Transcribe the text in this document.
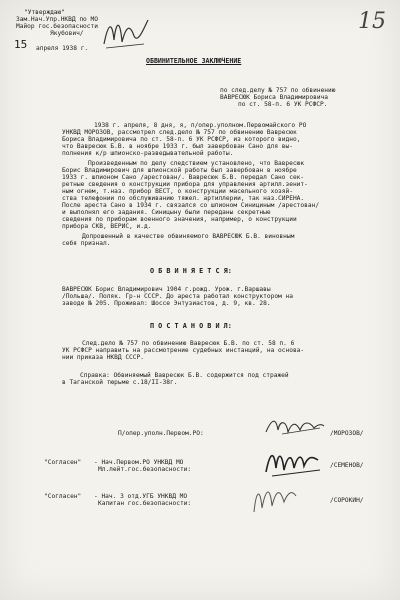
15
"Утверждаю"
Зам.Нач.Упр.НКВД по МО
Майор гос.безопасности
Якубович/
15 апреля 1938 г.
ОБВИНИТЕЛЬНОЕ ЗАКЛЮЧЕНИЕ
по след.делу № 757 по обвинению
ВАВРЕСЮК Бориса Владимировича
по ст. 58-п. 6 УК РСФСР.
1938 г. апреля, 8 дня, я, п/опер.уполном.Первомайского РО
УНКВД МОРОЗОВ, рассмотрел след.дело № 757 по обвинению Вавресюк
Бориса Владимировича по ст. 58-п. 6 УК РСФСР, из которого видно,
что Вавресюк Б.В. в ноябре 1933 г. был завербован Сано для вы-
полнения к/р шпионско-разведывательной работы.
Произведенным по делу следствием установлено, что Вавресюк
Борис Владимирович для шпионской работы был завербован в ноябре
1933 г. шпионом Сано /арестован/. Вавресюк Б.В. передал Сано сек-
ретные сведения о конструкции прибора для управления артилл.зенит-
ным огнем, т.наз. прибор ВЕСТ, о конструкции масельного хозяй-
ства телефонии по обслуживанию тяжел. артиллерии, так наз.СИРЕНА.
После ареста Сано в 1934 г. связался со шпионом Синициным /арестован/
и выполнял его задания. Синицыну были переданы секретные
сведения по приборам военного значения, например, о конструкции
прибора СКВ, ВЕРИС, и.д.
Допрошенный в качестве обвиняемого ВАВРЕСЮК Б.В. виновным
себя признал.
О Б В И Н Я Е Т С Я:
ВАВРЕСЮК Борис Владимирович 1904 г.рожд. Урож. г.Варшавы
/Польша/. Поляк. Гр-н СССР. До ареста работал конструктором на
заводе № 205. Проживал: Шоссе Энтузиастов, д. 9, кв. 28.
П О С Т А Н О В И Л:
След.дело № 757 по обвинению Вавресюк Б.В. по ст. 58 п. 6
УК РСФСР направить на рассмотрение судебных инстанций, на основа-
нии приказа НКВД СССР.
Справка: Обвиняемый Вавресюк Б.В. содержится под стражей
в Таганской тюрьме с.18/II-38г.
П/опер.уполн.Первом.РО:	/МОРОЗОВ/
"Согласен" - Нач.Первом.РО УНКВД МО
Мл.лейт.гос.безопасности:
/СЕМЕНОВ/
"Согласен" - Нач. 3 отд.УГБ УНКВД МО
Капитан гос.безопасности:	/СОРОКИН/
